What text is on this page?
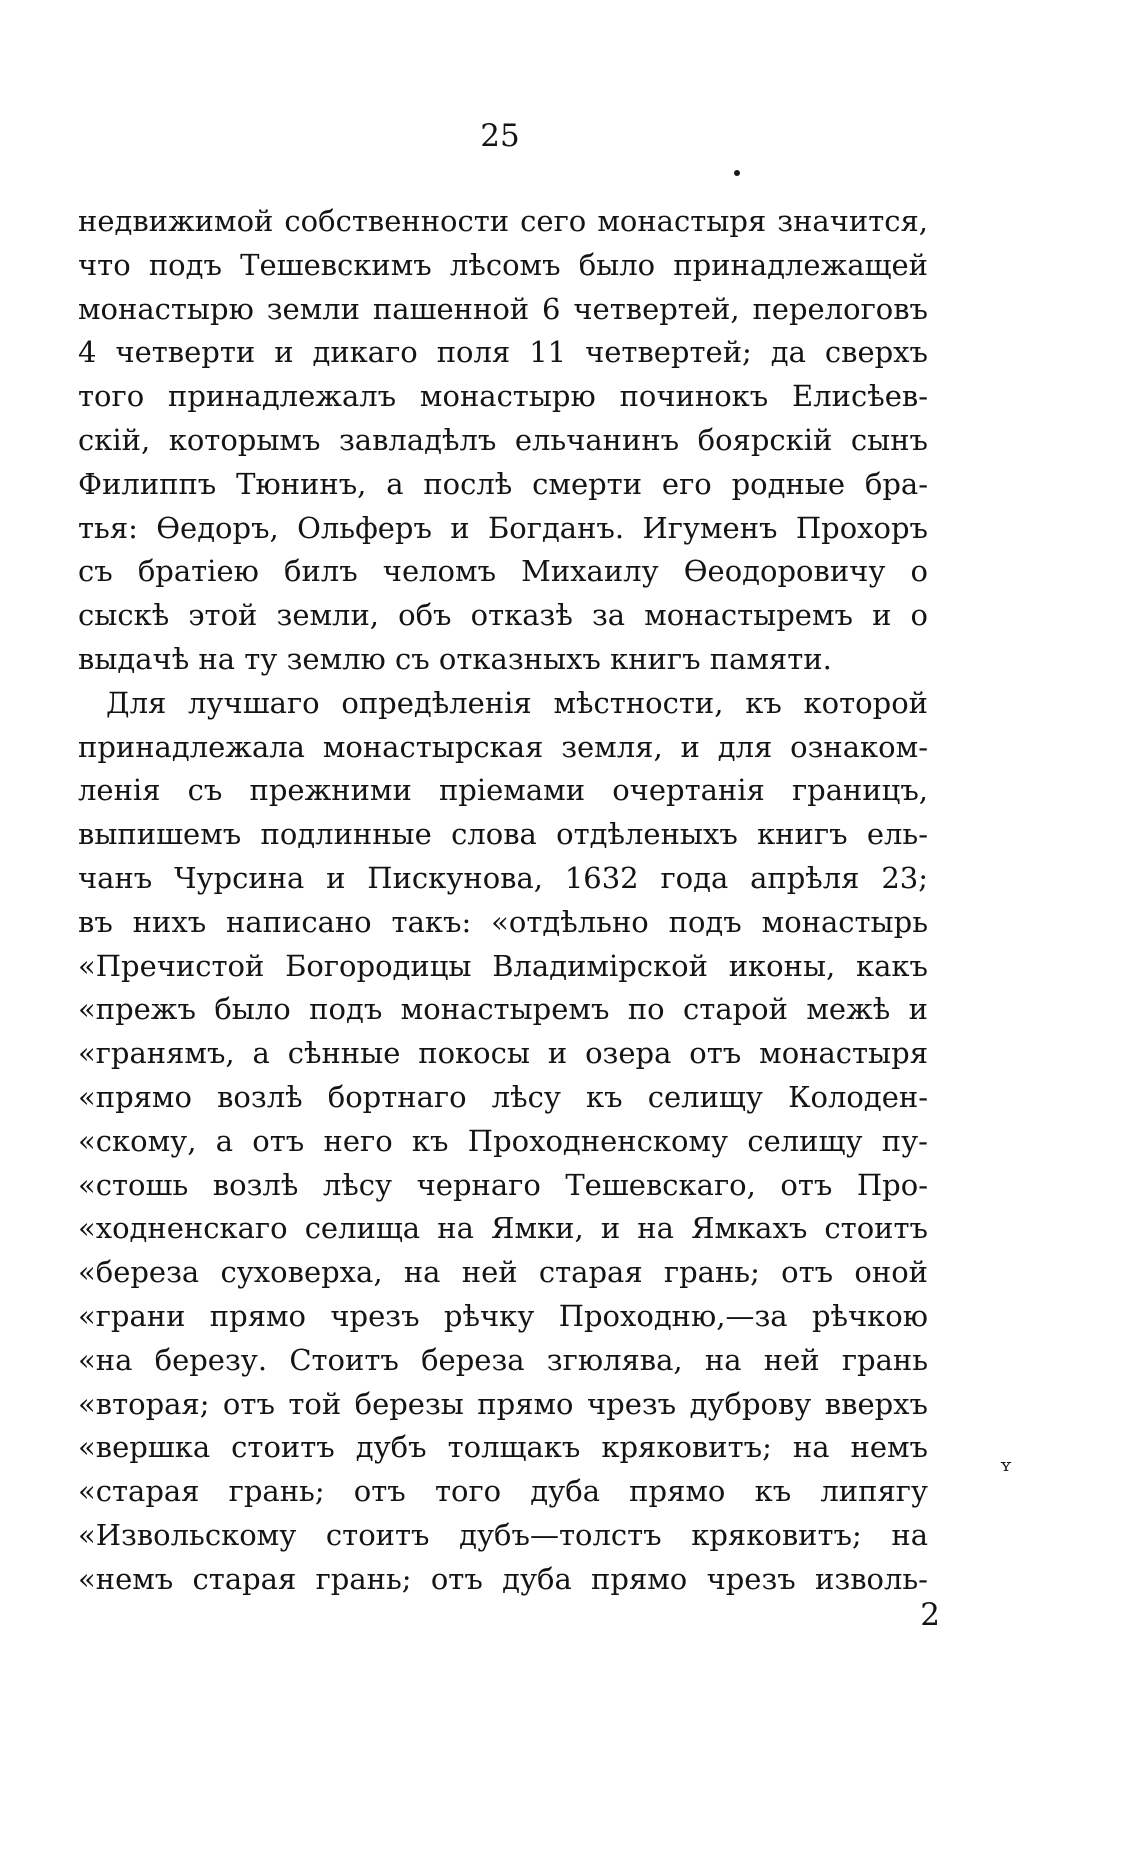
25
недвижимой собственности сего монастыря значится,
что подъ Тешевскимъ лѣсомъ было принадлежащей
монастырю земли пашенной 6 четвертей, перелоговъ
4 четверти и дикаго поля 11 четвертей; да сверхъ
того принадлежалъ монастырю починокъ Елисѣев-
скій, которымъ завладѣлъ ельчанинъ боярскій сынъ
Филиппъ Тюнинъ, а послѣ смерти его родные бра-
тья: Ѳедоръ, Ольферъ и Богданъ. Игуменъ Прохоръ
съ братіею билъ челомъ Михаилу Ѳеодоровичу о
сыскѣ этой земли, объ отказѣ за монастыремъ и о
выдачѣ на ту землю съ отказныхъ книгъ памяти.
Для лучшаго опредѣленія мѣстности, къ которой
принадлежала монастырская земля, и для ознаком-
ленія съ прежними пріемами очертанія границъ,
выпишемъ подлинные слова отдѣленыхъ книгъ ель-
чанъ Чурсина и Пискунова, 1632 года апрѣля 23;
въ нихъ написано такъ: «отдѣльно подъ монастырь
«Пречистой Богородицы Владимірской иконы, какъ
«прежъ было подъ монастыремъ по старой межѣ и
«гранямъ, а сѣнные покосы и озера отъ монастыря
«прямо возлѣ бортнаго лѣсу къ селищу Колоден-
«скому, а отъ него къ Проходненскому селищу пу-
«стошь возлѣ лѣсу чернаго Тешевскаго, отъ Про-
«ходненскаго селища на Ямки, и на Ямкахъ стоитъ
«береза суховерха, на ней старая грань; отъ оной
«грани прямо чрезъ рѣчку Проходню,—за рѣчкою
«на березу. Стоитъ береза згюлява, на ней грань
«вторая; отъ той березы прямо чрезъ дуброву вверхъ
«вершка стоитъ дубъ толщакъ кряковитъ; на немъ
«старая грань; отъ того дуба прямо къ липягу
«Извольскому стоитъ дубъ—толстъ кряковитъ; на
«немъ старая грань; отъ дуба прямо чрезъ изволь-
ʏ
2
